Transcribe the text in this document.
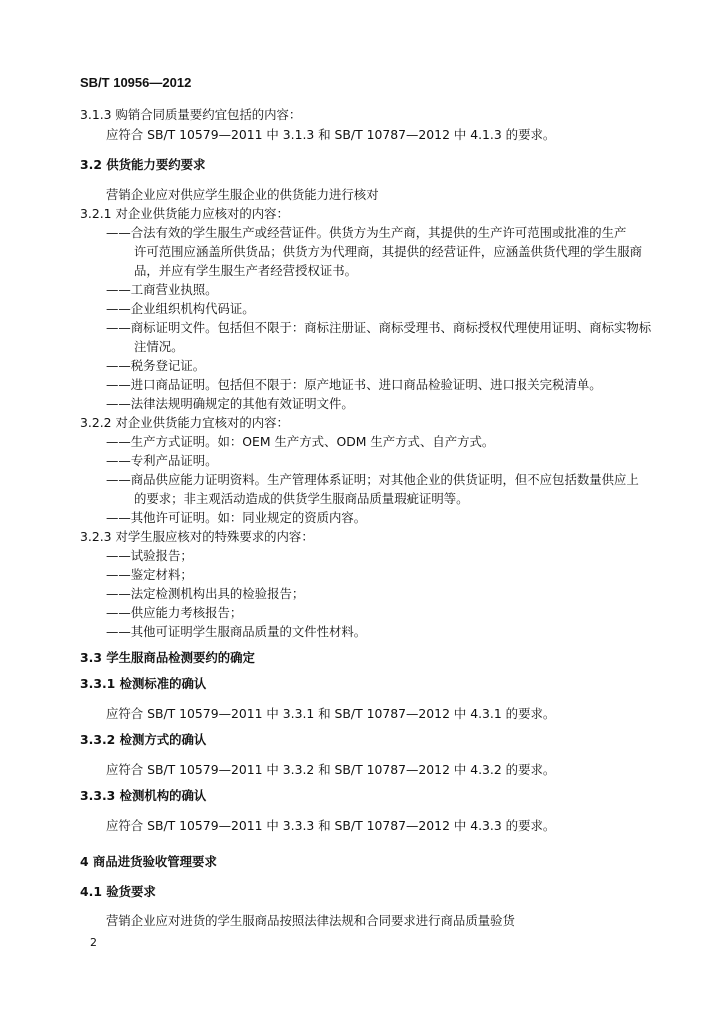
SB/T 10956—2012
3.1.3 购销合同质量要约宜包括的内容：
应符合 SB/T 10579—2011 中 3.1.3 和 SB/T 10787—2012 中 4.1.3 的要求。
3.2 供货能力要约要求
营销企业应对供应学生服企业的供货能力进行核对
3.2.1 对企业供货能力应核对的内容：
——合法有效的学生服生产或经营证件。供货方为生产商，其提供的生产许可范围或批准的生产
许可范围应涵盖所供货品；供货方为代理商，其提供的经营证件，应涵盖供货代理的学生服商
品，并应有学生服生产者经营授权证书。
——工商营业执照。
——企业组织机构代码证。
——商标证明文件。包括但不限于：商标注册证、商标受理书、商标授权代理使用证明、商标实物标
注情况。
——税务登记证。
——进口商品证明。包括但不限于：原产地证书、进口商品检验证明、进口报关完税清单。
——法律法规明确规定的其他有效证明文件。
3.2.2 对企业供货能力宜核对的内容：
——生产方式证明。如：OEM 生产方式、ODM 生产方式、自产方式。
——专利产品证明。
——商品供应能力证明资料。生产管理体系证明；对其他企业的供货证明，但不应包括数量供应上
的要求；非主观活动造成的供货学生服商品质量瑕疵证明等。
——其他许可证明。如：同业规定的资质内容。
3.2.3 对学生服应核对的特殊要求的内容：
——试验报告；
——鉴定材料；
——法定检测机构出具的检验报告；
——供应能力考核报告；
——其他可证明学生服商品质量的文件性材料。
3.3 学生服商品检测要约的确定
3.3.1 检测标准的确认
应符合 SB/T 10579—2011 中 3.3.1 和 SB/T 10787—2012 中 4.3.1 的要求。
3.3.2 检测方式的确认
应符合 SB/T 10579—2011 中 3.3.2 和 SB/T 10787—2012 中 4.3.2 的要求。
3.3.3 检测机构的确认
应符合 SB/T 10579—2011 中 3.3.3 和 SB/T 10787—2012 中 4.3.3 的要求。
4 商品进货验收管理要求
4.1 验货要求
营销企业应对进货的学生服商品按照法律法规和合同要求进行商品质量验货
2
